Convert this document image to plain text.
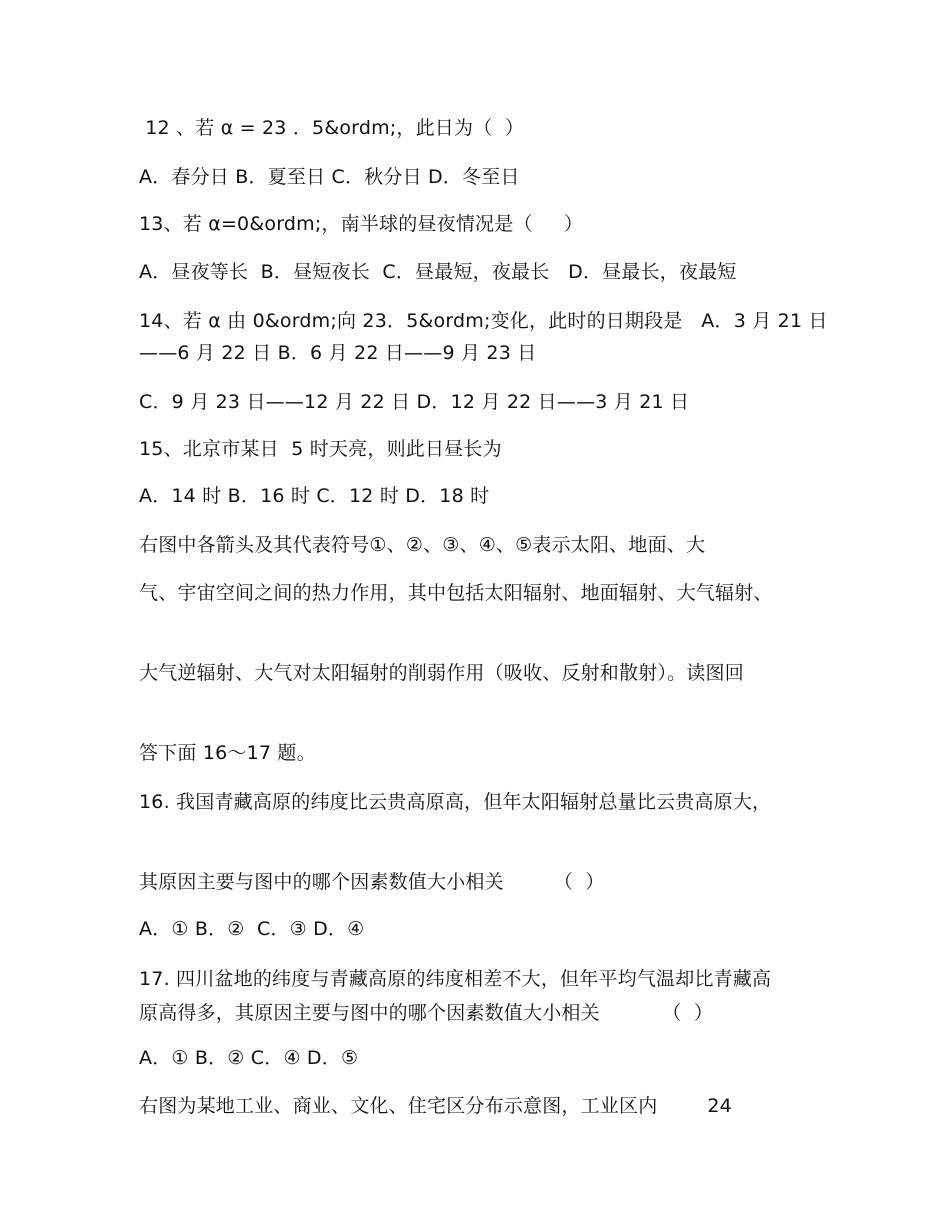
12 、若 α = 23 ．5&ordm;，此日为（  ）
A．春分日 B．夏至日 C．秋分日 D．冬至日
13、若 α=0&ordm;，南半球的昼夜情况是（     ）
A．昼夜等长  B．昼短夜长  C．昼最短，夜最长   D．昼最长，夜最短
14、若 α 由 0&ordm;向 23．5&ordm;变化，此时的日期段是   A．3 月 21 日——6 月 22 日 B．6 月 22 日——9 月 23 日
C．9 月 23 日——12 月 22 日 D．12 月 22 日——3 月 21 日
15、北京市某日  5 时天亮，则此日昼长为
A．14 时 B．16 时 C．12 时 D．18 时
右图中各箭头及其代表符号①、②、③、④、⑤表示太阳、地面、大
气、宇宙空间之间的热力作用，其中包括太阳辐射、地面辐射、大气辐射、
大气逆辐射、大气对太阳辐射的削弱作用（吸收、反射和散射）。读图回
答下面 16～17 题。
16. 我国青藏高原的纬度比云贵高原高，但年太阳辐射总量比云贵高原大，
其原因主要与图中的哪个因素数值大小相关        （  ）
A．① B．②  C．③ D．④
17. 四川盆地的纬度与青藏高原的纬度相差不大，但年平均气温却比青藏高原高得多，其原因主要与图中的哪个因素数值大小相关          （  ）
A．① B．② C．④ D．⑤
右图为某地工业、商业、文化、住宅区分布示意图，工业区内        24
